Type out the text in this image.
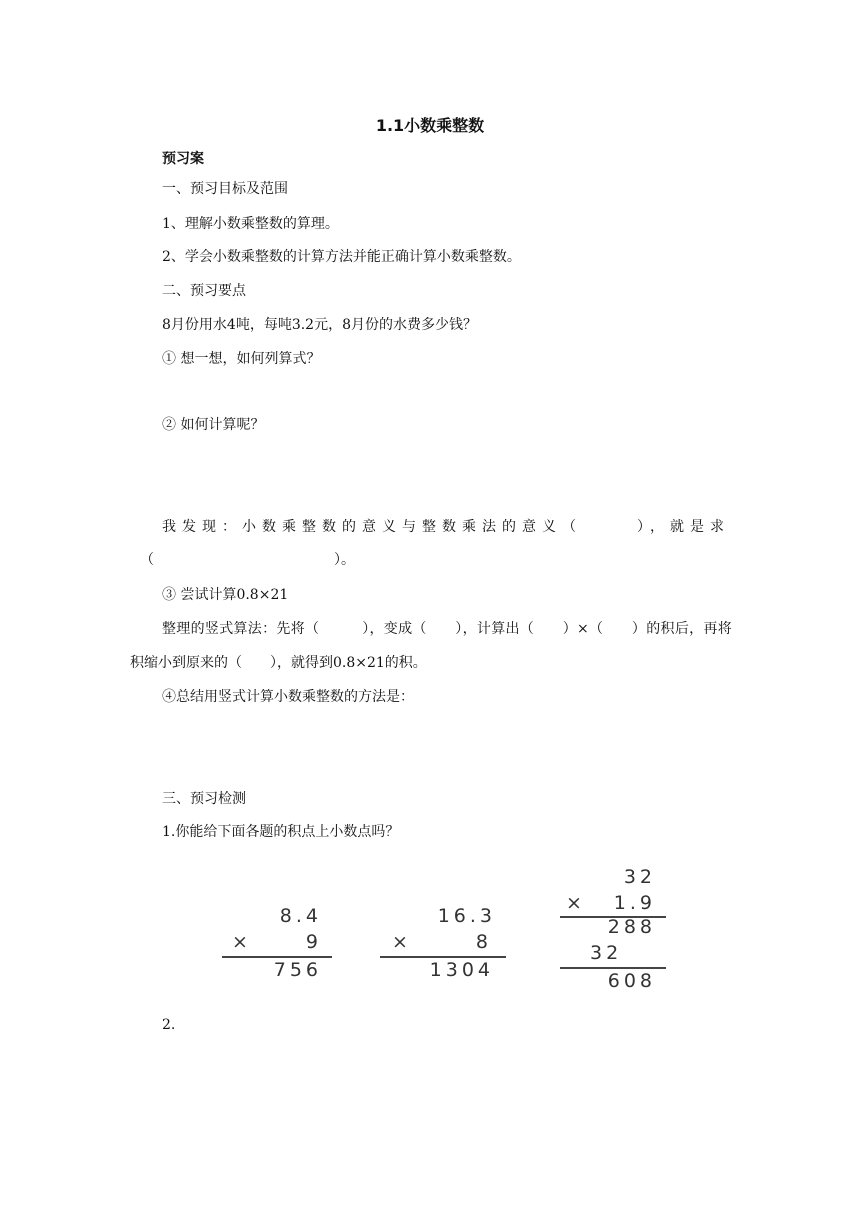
1.1小数乘整数
预习案
一、预习目标及范围
1、理解小数乘整数的算理。
2、学会小数乘整数的计算方法并能正确计算小数乘整数。
二、预习要点
8月份用水4吨，每吨3.2元，8月份的水费多少钱？
① 想一想，如何列算式？
② 如何计算呢？
我发现：小数乘整数的意义与整数乘法的意义（	），就是求
（	）。
③ 尝试计算0.8×21
整理的竖式算法：先将（　　　），变成（　　），计算出（　　）×（　　）的积后，再将
积缩小到原来的（　　），就得到0.8×21的积。
④总结用竖式计算小数乘整数的方法是：
三、预习检测
1.你能给下面各题的积点上小数点吗？
8.4
×	9
756
16.3
×	8
1304
32
× 1.9
288
32
608
2.
